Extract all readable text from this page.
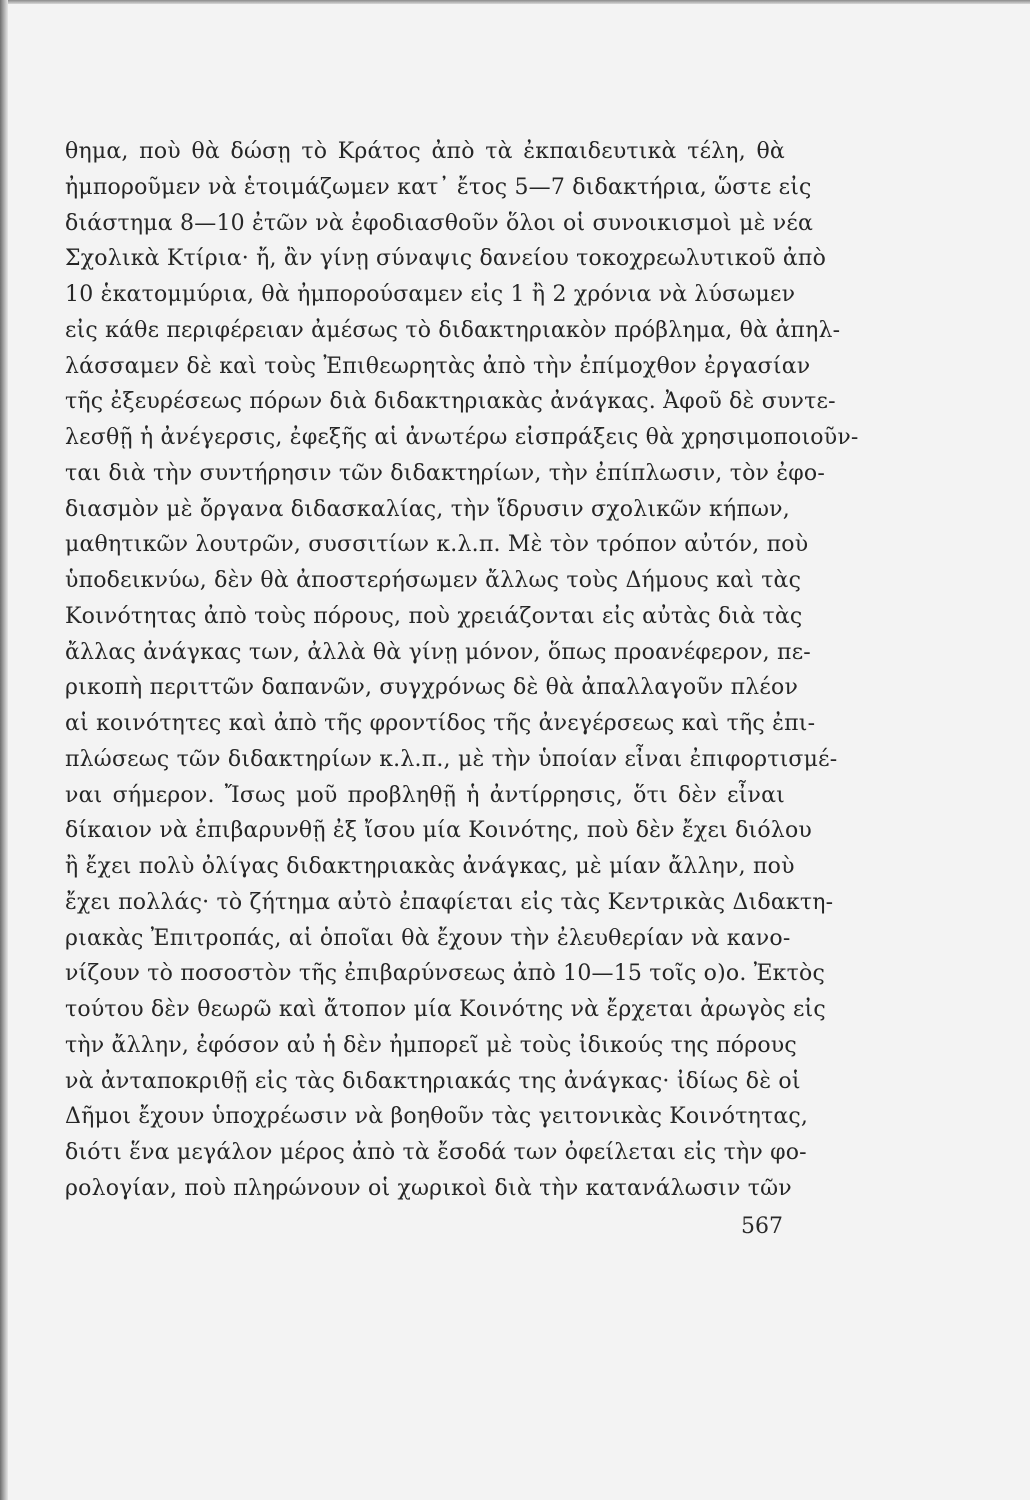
θημα, ποὺ θὰ δώσῃ τὸ Κράτος ἀπὸ τὰ ἐκπαιδευτικὰ τέλη, θὰ
ἠμποροῦμεν νὰ ἑτοιμάζωμεν κατ᾿ ἔτος 5—7 διδακτήρια, ὥστε εἰς
διάστημα 8—10 ἐτῶν νὰ ἐφοδιασθοῦν ὅλοι οἱ συνοικισμοὶ μὲ νέα
Σχολικὰ Κτίρια· ἤ, ἂν γίνῃ σύναψις δανείου τοκοχρεωλυτικοῦ ἀπὸ
10 ἑκατομμύρια, θὰ ἠμπορούσαμεν εἰς 1 ἢ 2 χρόνια νὰ λύσωμεν
εἰς κάθε περιφέρειαν ἀμέσως τὸ διδακτηριακὸν πρόβλημα, θὰ ἀπηλ-
λάσσαμεν δὲ καὶ τοὺς Ἐπιθεωρητὰς ἀπὸ τὴν ἐπίμοχθον ἐργασίαν
τῆς ἐξευρέσεως πόρων διὰ διδακτηριακὰς ἀνάγκας. Ἀφοῦ δὲ συντε-
λεσθῇ ἡ ἀνέγερσις, ἐφεξῆς αἱ ἀνωτέρω εἰσπράξεις θὰ χρησιμοποιοῦν-
ται διὰ τὴν συντήρησιν τῶν διδακτηρίων, τὴν ἐπίπλωσιν, τὸν ἐφο-
διασμὸν μὲ ὄργανα διδασκαλίας, τὴν ἵδρυσιν σχολικῶν κήπων,
μαθητικῶν λουτρῶν, συσσιτίων κ.λ.π. Μὲ τὸν τρόπον αὐτόν, ποὺ
ὑποδεικνύω, δὲν θὰ ἀποστερήσωμεν ἄλλως τοὺς Δήμους καὶ τὰς
Κοινότητας ἀπὸ τοὺς πόρους, ποὺ χρειάζονται εἰς αὐτὰς διὰ τὰς
ἄλλας ἀνάγκας των, ἀλλὰ θὰ γίνῃ μόνον, ὅπως προανέφερον, πε-
ρικοπὴ περιττῶν δαπανῶν, συγχρόνως δὲ θὰ ἀπαλλαγοῦν πλέον
αἱ κοινότητες καὶ ἀπὸ τῆς φροντίδος τῆς ἀνεγέρσεως καὶ τῆς ἐπι-
πλώσεως τῶν διδακτηρίων κ.λ.π., μὲ τὴν ὑποίαν εἶναι ἐπιφορτισμέ-
ναι σήμερον. Ἴσως μοῦ προβληθῇ ἡ ἀντίρρησις, ὅτι δὲν εἶναι
δίκαιον νὰ ἐπιβαρυνθῇ ἐξ ἴσου μία Κοινότης, ποὺ δὲν ἔχει διόλου
ἢ ἔχει πολὺ ὀλίγας διδακτηριακὰς ἀνάγκας, μὲ μίαν ἄλλην, ποὺ
ἔχει πολλάς· τὸ ζήτημα αὐτὸ ἐπαφίεται εἰς τὰς Κεντρικὰς Διδακτη-
ριακὰς Ἐπιτροπάς, αἱ ὁποῖαι θὰ ἔχουν τὴν ἐλευθερίαν νὰ κανο-
νίζουν τὸ ποσοστὸν τῆς ἐπιβαρύνσεως ἀπὸ 10—15 τοῖς ο)ο. Ἐκτὸς
τούτου δὲν θεωρῶ καὶ ἄτοπον μία Κοινότης νὰ ἔρχεται ἀρωγὸς εἰς
τὴν ἄλλην, ἐφόσον αὐ ἡ δὲν ἠμπορεῖ μὲ τοὺς ἰδικούς της πόρους
νὰ ἀνταποκριθῇ εἰς τὰς διδακτηριακάς της ἀνάγκας· ἰδίως δὲ οἱ
Δῆμοι ἔχουν ὑποχρέωσιν νὰ βοηθοῦν τὰς γειτονικὰς Κοινότητας,
διότι ἕνα μεγάλον μέρος ἀπὸ τὰ ἔσοδά των ὀφείλεται εἰς τὴν φο-
ρολογίαν, ποὺ πληρώνουν οἱ χωρικοὶ διὰ τὴν κατανάλωσιν τῶν
567
